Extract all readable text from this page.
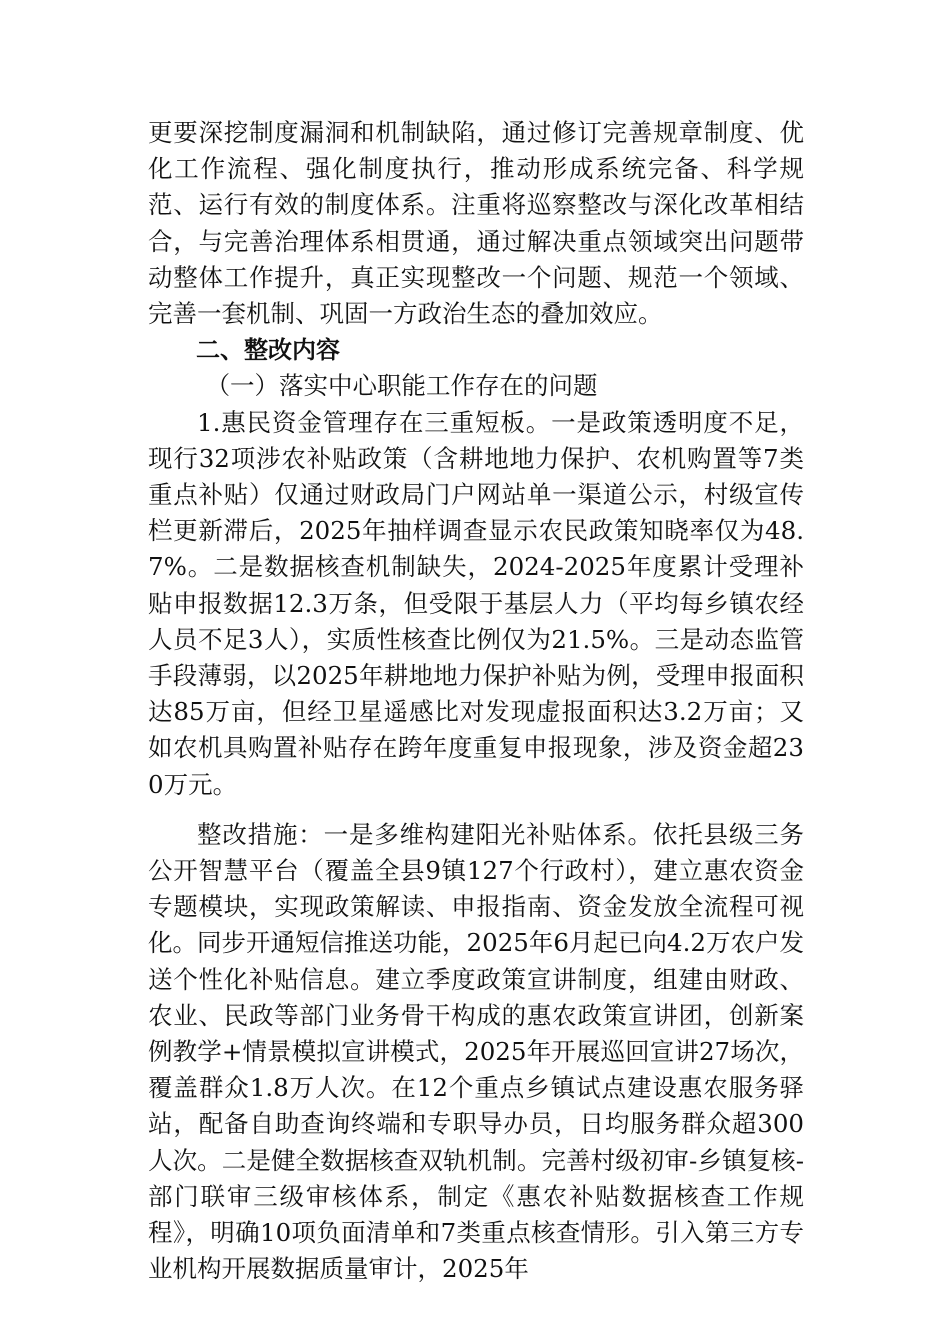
更要深挖制度漏洞和机制缺陷，通过修订完善规章制度、优化工作流程、强化制度执行，推动形成系统完备、科学规范、运行有效的制度体系。注重将巡察整改与深化改革相结合，与完善治理体系相贯通，通过解决重点领域突出问题带动整体工作提升，真正实现整改一个问题、规范一个领域、完善一套机制、巩固一方政治生态的叠加效应。

二、整改内容

（一）落实中心职能工作存在的问题

1.惠民资金管理存在三重短板。一是政策透明度不足，现行32项涉农补贴政策（含耕地地力保护、农机购置等7类重点补贴）仅通过财政局门户网站单一渠道公示，村级宣传栏更新滞后，2025年抽样调查显示农民政策知晓率仅为48.7%。二是数据核查机制缺失，2024-2025年度累计受理补贴申报数据12.3万条，但受限于基层人力（平均每乡镇农经人员不足3人），实质性核查比例仅为21.5%。三是动态监管手段薄弱，以2025年耕地地力保护补贴为例，受理申报面积达85万亩，但经卫星遥感比对发现虚报面积达3.2万亩；又如农机具购置补贴存在跨年度重复申报现象，涉及资金超230万元。

整改措施：一是多维构建阳光补贴体系。依托县级三务公开智慧平台（覆盖全县9镇127个行政村），建立惠农资金专题模块，实现政策解读、申报指南、资金发放全流程可视化。同步开通短信推送功能，2025年6月起已向4.2万农户发送个性化补贴信息。建立季度政策宣讲制度，组建由财政、农业、民政等部门业务骨干构成的惠农政策宣讲团，创新案例教学+情景模拟宣讲模式，2025年开展巡回宣讲27场次，覆盖群众1.8万人次。在12个重点乡镇试点建设惠农服务驿站，配备自助查询终端和专职导办员，日均服务群众超300人次。二是健全数据核查双轨机制。完善村级初审-乡镇复核-部门联审三级审核体系，制定《惠农补贴数据核查工作规程》，明确10项负面清单和7类重点核查情形。引入第三方专业机构开展数据质量审计，2025年
